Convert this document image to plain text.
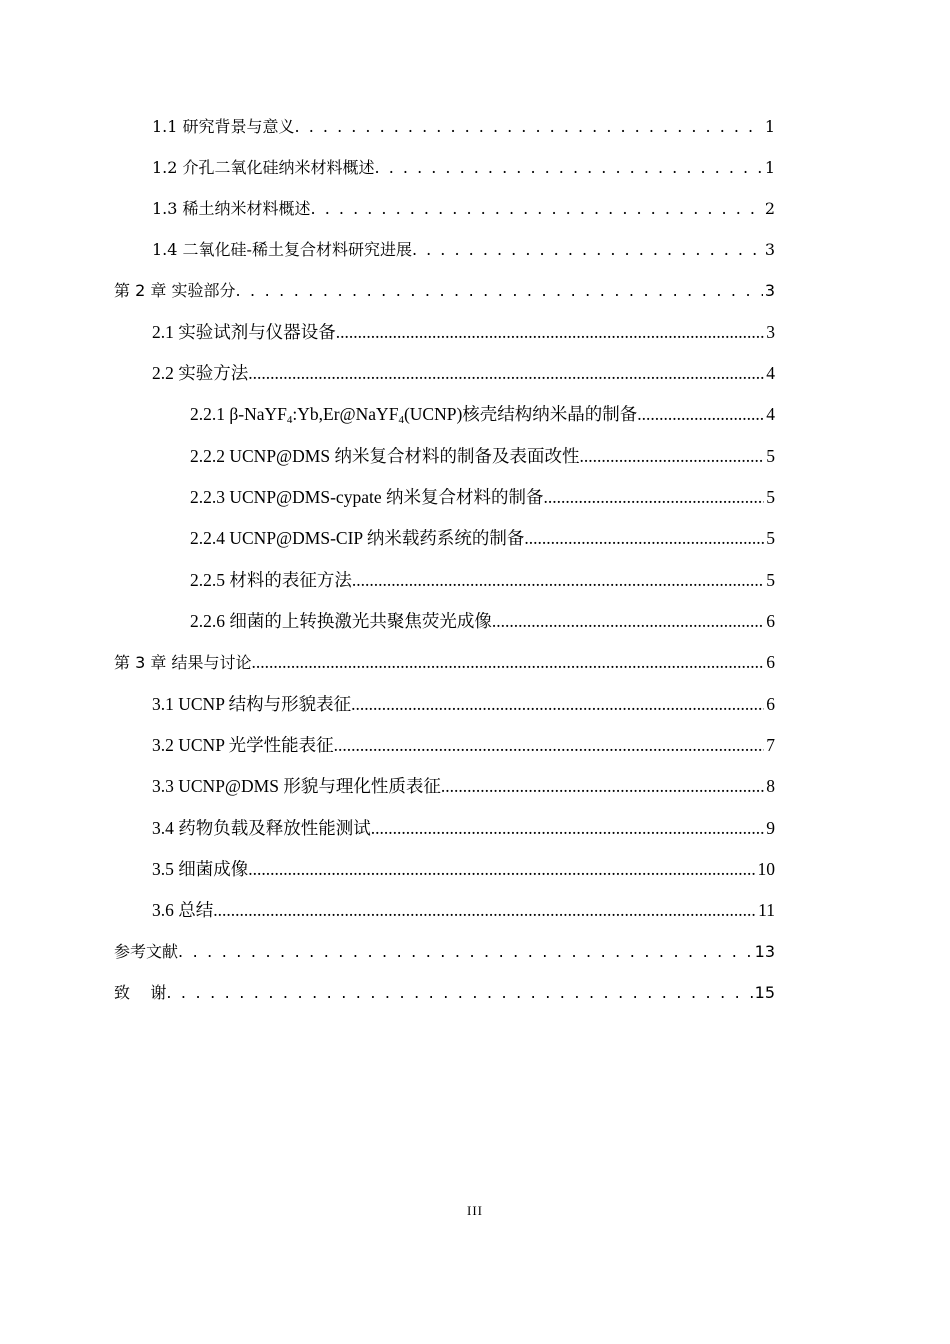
1.1 研究背景与意义 . . .	1
1.2 介孔二氧化硅纳米材料概述 . . .	1
1.3 稀土纳米材料概述 . . .	2
1.4 二氧化硅-稀土复合材料研究进展 . . .	3
第 2 章 实验部分 . . .	3
2.1 实验试剂与仪器设备 .....	3
2.2 实验方法 .....	4
2.2.1 β-NaYF$_4$:Yb,Er@NaYF$_4$(UCNP)核壳结构纳米晶的制备 .....	4
2.2.2 UCNP@DMS 纳米复合材料的制备及表面改性 .....	5
2.2.3 UCNP@DMS-cypate 纳米复合材料的制备 .....	5
2.2.4 UCNP@DMS-CIP 纳米载药系统的制备 .....	5
2.2.5 材料的表征方法 .....	5
2.2.6 细菌的上转换激光共聚焦荧光成像 .....	6
第 3 章 结果与讨论 .....	6
3.1 UCNP 结构与形貌表征 .....	6
3.2 UCNP 光学性能表征 .....	7
3.3 UCNP@DMS 形貌与理化性质表征 .....	8
3.4 药物负载及释放性能测试 .....	9
3.5 细菌成像 .....	10
3.6 总结 .....	11
参考文献 . . .	13
致    谢 . . .	15
III
